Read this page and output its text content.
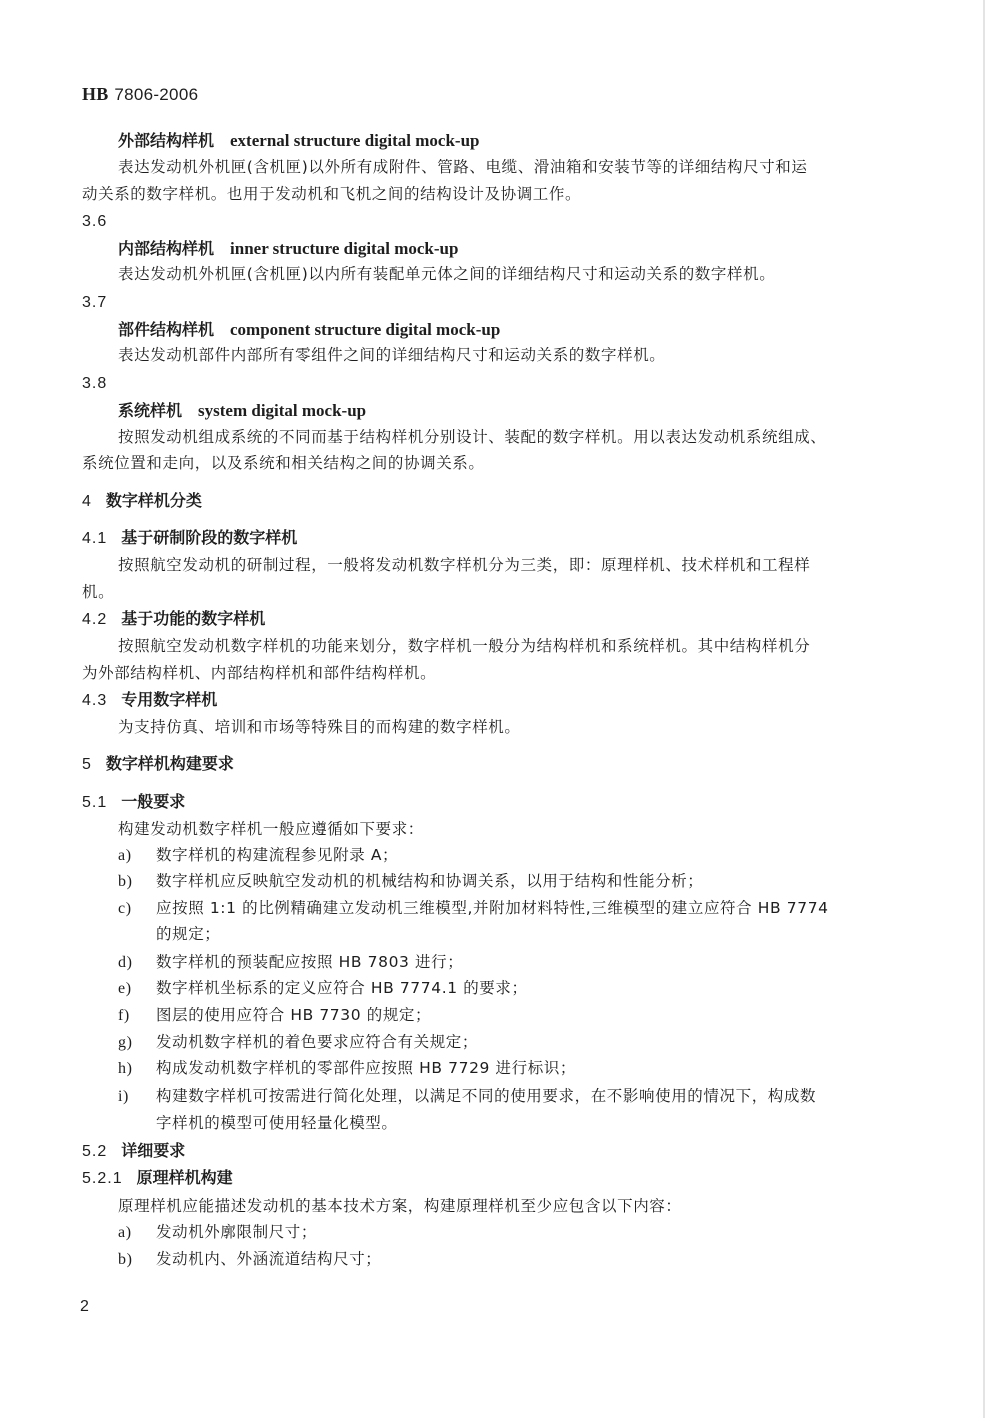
HB 7806-2006
外部结构样机 external structure digital mock-up
表达发动机外机匣(含机匣)以外所有成附件、管路、电缆、滑油箱和安装节等的详细结构尺寸和运
动关系的数字样机。也用于发动机和飞机之间的结构设计及协调工作。
3.6
内部结构样机 inner structure digital mock-up
表达发动机外机匣(含机匣)以内所有装配单元体之间的详细结构尺寸和运动关系的数字样机。
3.7
部件结构样机 component structure digital mock-up
表达发动机部件内部所有零组件之间的详细结构尺寸和运动关系的数字样机。
3.8
系统样机 system digital mock-up
按照发动机组成系统的不同而基于结构样机分别设计、装配的数字样机。用以表达发动机系统组成、
系统位置和走向，以及系统和相关结构之间的协调关系。
4 数字样机分类
4.1 基于研制阶段的数字样机
按照航空发动机的研制过程，一般将发动机数字样机分为三类，即：原理样机、技术样机和工程样
机。
4.2 基于功能的数字样机
按照航空发动机数字样机的功能来划分，数字样机一般分为结构样机和系统样机。其中结构样机分
为外部结构样机、内部结构样机和部件结构样机。
4.3 专用数字样机
为支持仿真、培训和市场等特殊目的而构建的数字样机。
5 数字样机构建要求
5.1 一般要求
构建发动机数字样机一般应遵循如下要求：
a) 数字样机的构建流程参见附录 A；
b) 数字样机应反映航空发动机的机械结构和协调关系，以用于结构和性能分析；
c) 应按照 1:1 的比例精确建立发动机三维模型,并附加材料特性,三维模型的建立应符合 HB 7774
的规定；
d) 数字样机的预装配应按照 HB 7803 进行；
e) 数字样机坐标系的定义应符合 HB 7774.1 的要求；
f) 图层的使用应符合 HB 7730 的规定；
g) 发动机数字样机的着色要求应符合有关规定；
h) 构成发动机数字样机的零部件应按照 HB 7729 进行标识；
i) 构建数字样机可按需进行简化处理，以满足不同的使用要求，在不影响使用的情况下，构成数
字样机的模型可使用轻量化模型。
5.2 详细要求
5.2.1 原理样机构建
原理样机应能描述发动机的基本技术方案，构建原理样机至少应包含以下内容：
a) 发动机外廓限制尺寸；
b) 发动机内、外涵流道结构尺寸；
2
